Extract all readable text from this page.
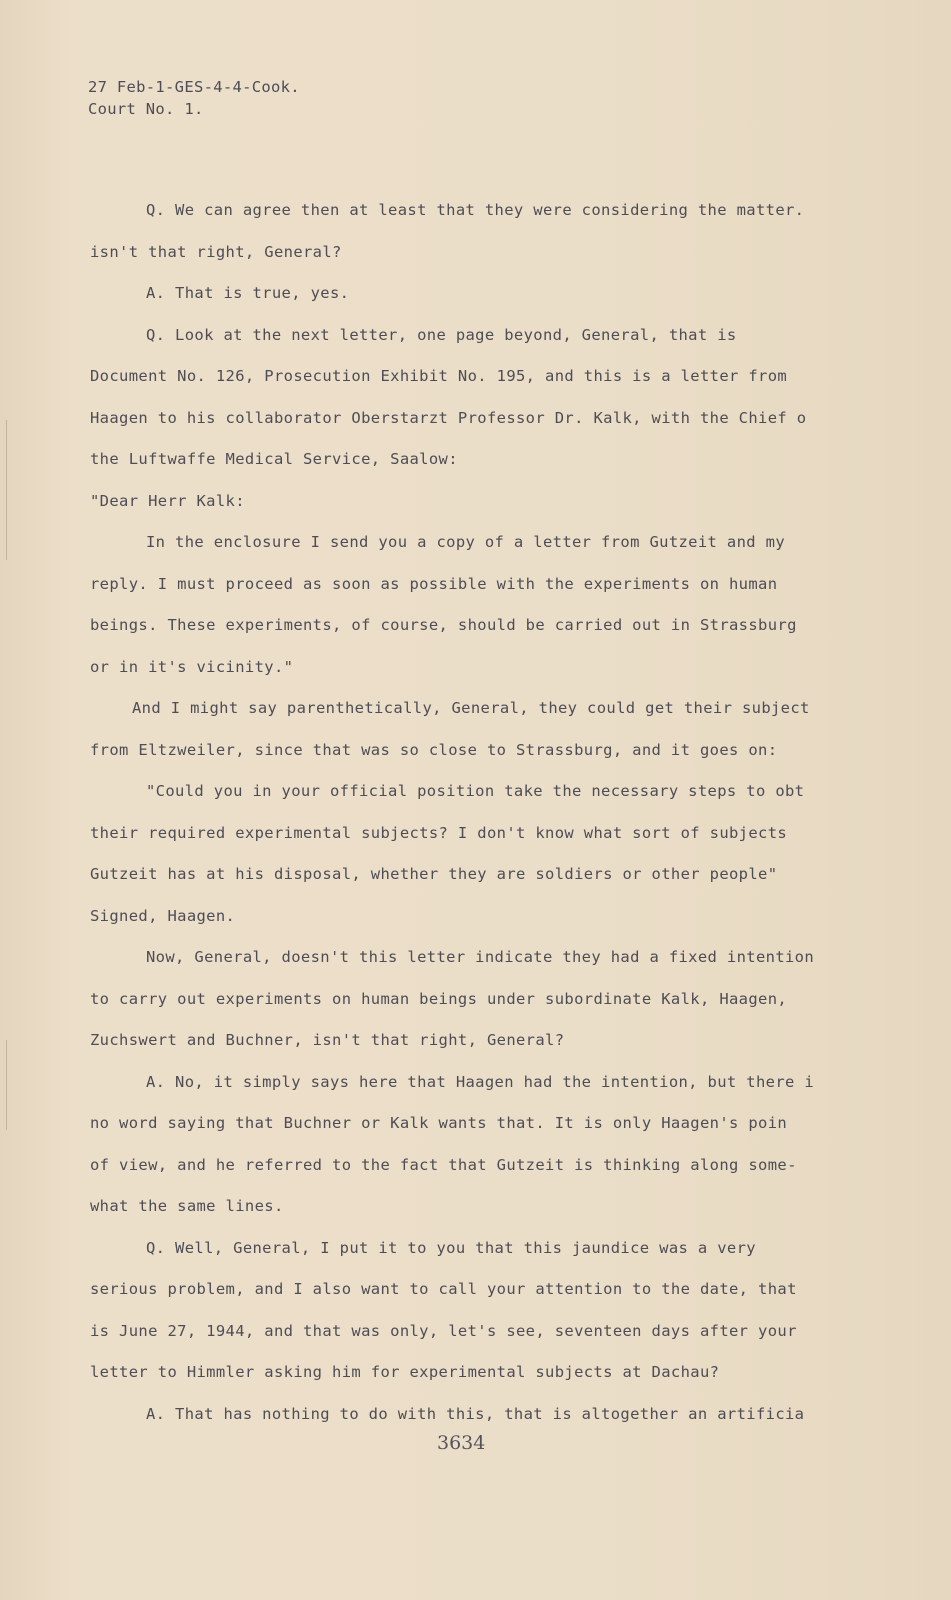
27 Feb-1-GES-4-4-Cook.
Court No. 1.
Q. We can agree then at least that they were considering the matter.
isn't that right, General?
A. That is true, yes.
Q. Look at the next letter, one page beyond, General, that is
Document No. 126, Prosecution Exhibit No. 195, and this is a letter from
Haagen to his collaborator Oberstarzt Professor Dr. Kalk, with the Chief o
the Luftwaffe Medical Service, Saalow:
"Dear Herr Kalk:
In the enclosure I send you a copy of a letter from Gutzeit and my
reply. I must proceed as soon as possible with the experiments on human
beings. These experiments, of course, should be carried out in Strassburg
or in it's vicinity."
And I might say parenthetically, General, they could get their subject
from Eltzweiler, since that was so close to Strassburg, and it goes on:
"Could you in your official position take the necessary steps to obt
their required experimental subjects? I don't know what sort of subjects
Gutzeit has at his disposal, whether they are soldiers or other people"
Signed, Haagen.
Now, General, doesn't this letter indicate they had a fixed intention
to carry out experiments on human beings under subordinate Kalk, Haagen,
Zuchswert and Buchner, isn't that right, General?
A. No, it simply says here that Haagen had the intention, but there i
no word saying that Buchner or Kalk wants that. It is only Haagen's poin
of view, and he referred to the fact that Gutzeit is thinking along some-
what the same lines.
Q. Well, General, I put it to you that this jaundice was a very
serious problem, and I also want to call your attention to the date, that
is June 27, 1944, and that was only, let's see, seventeen days after your
letter to Himmler asking him for experimental subjects at Dachau?
A. That has nothing to do with this, that is altogether an artificia
3634
